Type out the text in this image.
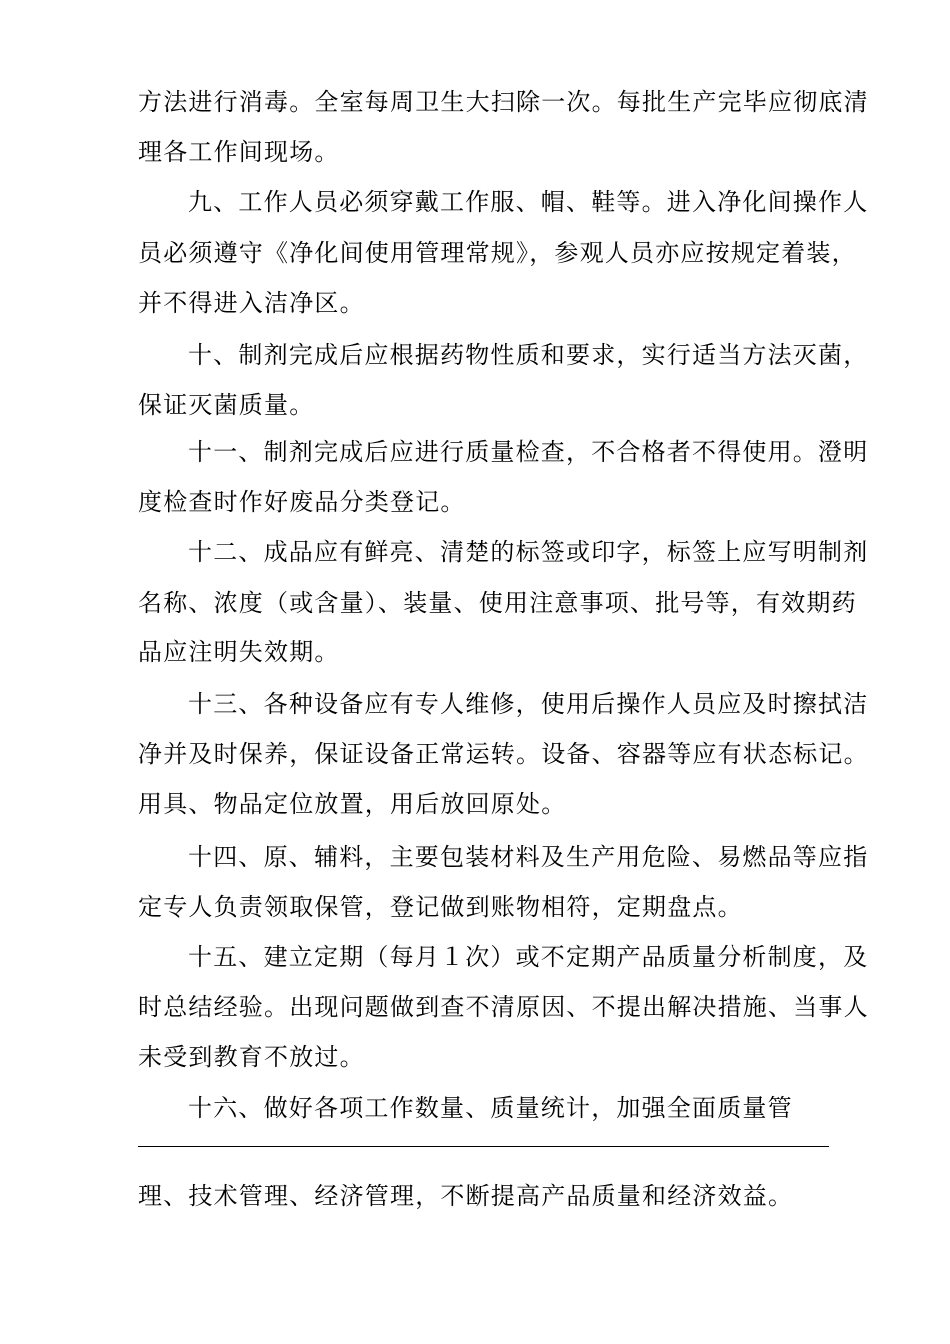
方法进行消毒。全室每周卫生大扫除一次。每批生产完毕应彻底清
理各工作间现场。
九、工作人员必须穿戴工作服、帽、鞋等。进入净化间操作人
员必须遵守《净化间使用管理常规》，参观人员亦应按规定着装，
并不得进入洁净区。
十、制剂完成后应根据药物性质和要求，实行适当方法灭菌，
保证灭菌质量。
十一、制剂完成后应进行质量检查，不合格者不得使用。澄明
度检查时作好废品分类登记。
十二、成品应有鲜亮、清楚的标签或印字，标签上应写明制剂
名称、浓度（或含量）、装量、使用注意事项、批号等，有效期药
品应注明失效期。
十三、各种设备应有专人维修，使用后操作人员应及时擦拭洁
净并及时保养，保证设备正常运转。设备、容器等应有状态标记。
用具、物品定位放置，用后放回原处。
十四、原、辅料，主要包装材料及生产用危险、易燃品等应指
定专人负责领取保管，登记做到账物相符，定期盘点。
十五、建立定期（每月１次）或不定期产品质量分析制度，及
时总结经验。出现问题做到查不清原因、不提出解决措施、当事人
未受到教育不放过。
十六、做好各项工作数量、质量统计，加强全面质量管
理、技术管理、经济管理，不断提高产品质量和经济效益。
